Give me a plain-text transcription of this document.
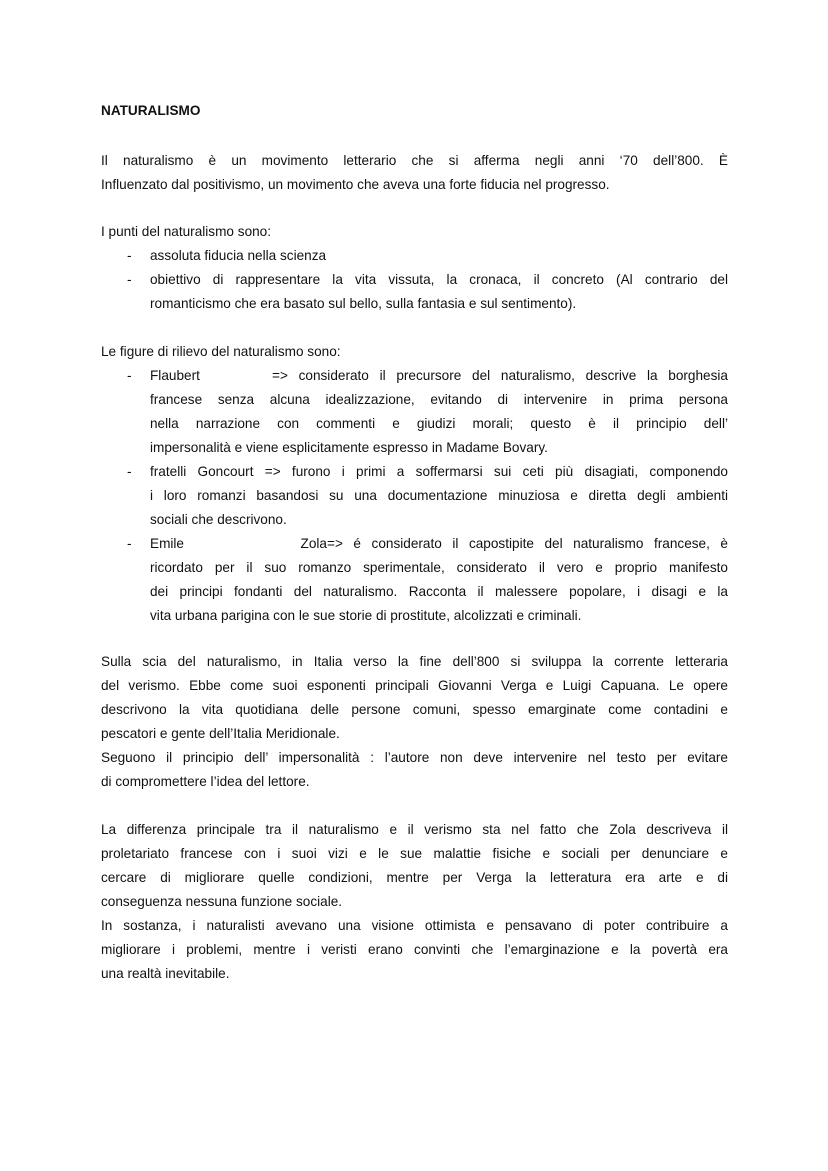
NATURALISMO
Il naturalismo è un movimento letterario che si afferma negli anni ‘70 dell’800. È
Influenzato dal positivismo, un movimento che aveva una forte fiducia nel progresso.
I punti del naturalismo sono:
-	assoluta fiducia nella scienza
-	obiettivo di rappresentare la vita vissuta, la cronaca, il concreto (Al contrario del
romanticismo che era basato sul bello, sulla fantasia e sul sentimento).
Le figure di rilievo del naturalismo sono:
- Flaubert	=> considerato il precursore del naturalismo, descrive la borghesia
francese senza alcuna idealizzazione, evitando di intervenire in prima persona
nella narrazione con commenti e giudizi morali; questo è il principio dell’
impersonalità e viene esplicitamente espresso in Madame Bovary.
-	fratelli Goncourt => furono i primi a soffermarsi sui ceti più disagiati, componendo
i loro romanzi basandosi su una documentazione minuziosa e diretta degli ambienti
sociali che descrivono.
- Emile Zola => é considerato il capostipite del naturalismo francese, è
ricordato per il suo romanzo sperimentale, considerato il vero e proprio manifesto
dei principi fondanti del naturalismo. Racconta il malessere popolare, i disagi e la
vita urbana parigina con le sue storie di prostitute, alcolizzati e criminali.
Sulla scia del naturalismo, in Italia verso la fine dell’800 si sviluppa la corrente letteraria
del verismo. Ebbe come suoi esponenti principali Giovanni Verga e Luigi Capuana. Le opere
descrivono la vita quotidiana delle persone comuni, spesso emarginate come contadini e
pescatori e gente dell’Italia Meridionale.
Seguono il principio dell’ impersonalità : l’autore non deve intervenire nel testo per evitare
di compromettere l’idea del lettore.
La differenza principale tra il naturalismo e il verismo sta nel fatto che Zola descriveva il
proletariato francese con i suoi vizi e le sue malattie fisiche e sociali per denunciare e
cercare di migliorare quelle condizioni, mentre per Verga la letteratura era arte e di
conseguenza nessuna funzione sociale.
In sostanza, i naturalisti avevano una visione ottimista e pensavano di poter contribuire a
migliorare i problemi, mentre i veristi erano convinti che l’emarginazione e la povertà era
una realtà inevitabile.
